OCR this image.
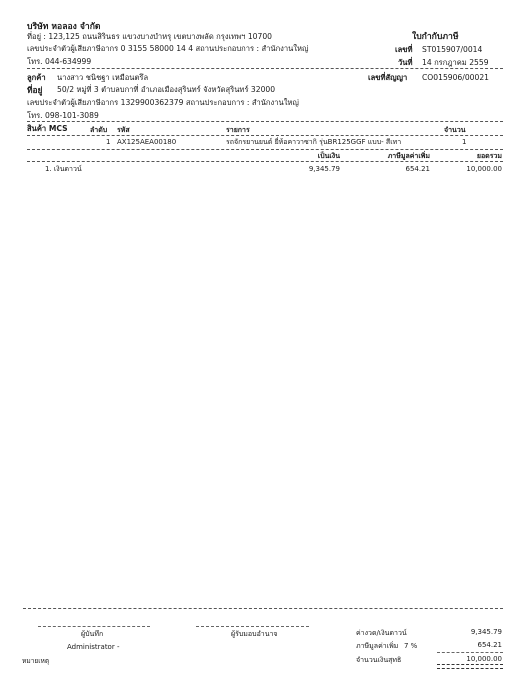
บริษัท หอลอง จำกัด
ที่อยู่ : 123,125 ถนนสิรินธร แขวงบางบำหรุ เขตบางพลัด กรุงเทพฯ 10700
เลขประจำตัวผู้เสียภาษีอากร 0 3155 58000 14 4 สถานประกอบการ : สำนักงานใหญ่
โทร. 044-634999
ใบกำกับภาษี
เลขที่ ST015907/0014
วันที่ 14 กรกฎาคม 2559
ลูกค้า นางสาว ชนิชฐา เหมือนตรึล	เลขที่สัญญา CO015906/00021
ที่อยู่ 50/2 หมู่ที่ 3 ตำบลบกาที่ อำเภอเมืองสุรินทร์ จังหวัดสุรินทร์ 32000
เลขประจำตัวผู้เสียภาษีอากร 1329900362379 สถานประกอบการ : สำนักงานใหญ่
โทร. 098-101-3089
สินค้า MCS	ลำดับ รหัส	รายการ	จำนวน
1 AX125AEA00180	รถจักรยานยนต์ ยี่ห้อคาวาซากิ รุ่นBR125GGF แบบ- สีเทา	1
เป็นเงิน	ภาษีมูลค่าเพิ่ม	ยอดรวม
1. เงินดาวน์	9,345.79	654.21	10,000.00
ผู้บันทึก
Administrator -
หมายเหตุ
ผู้รับมอบอำนาจ	ค่างวด/เงินดาวน์	9,345.79
ภาษีมูลค่าเพิ่ม 7 %	654.21
จำนวนเงินสุทธิ	10,000.00
